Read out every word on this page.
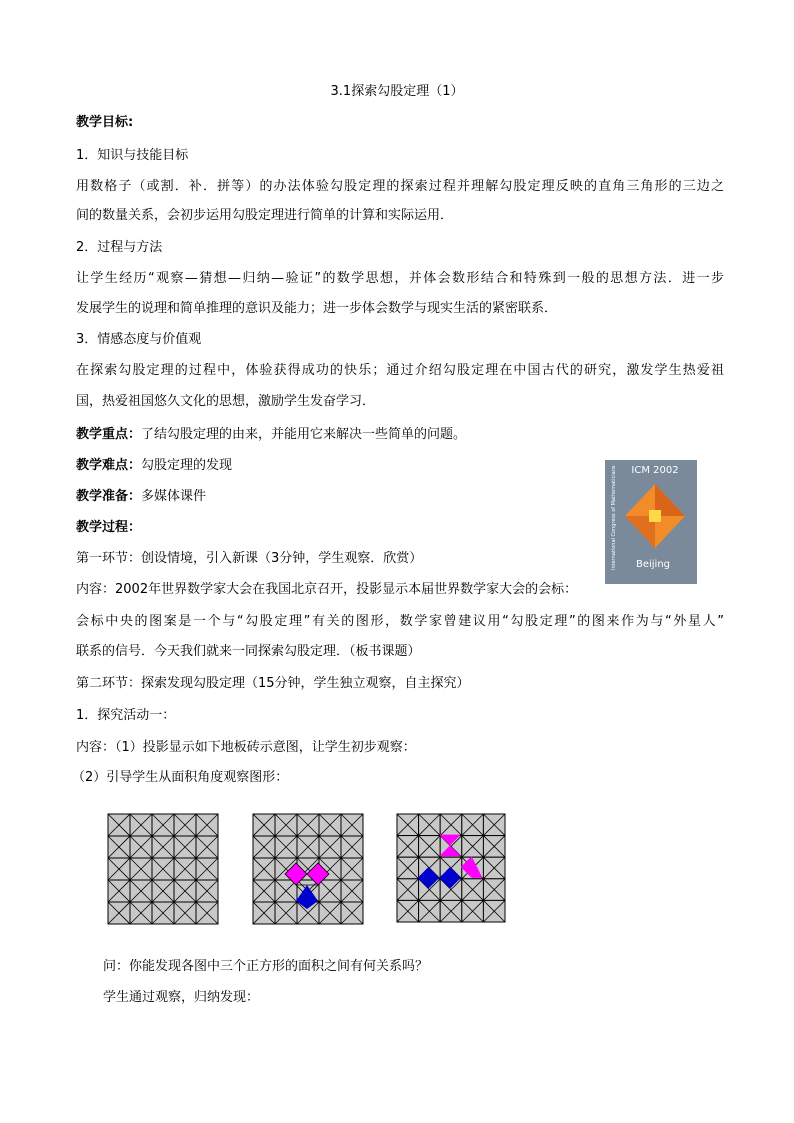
3.1探索勾股定理（1）
教学目标:
1．知识与技能目标
用数格子（或割．补．拼等）的办法体验勾股定理的探索过程并理解勾股定理反映的直角三角形的三边之
间的数量关系，会初步运用勾股定理进行简单的计算和实际运用．
2．过程与方法
让学生经历“观察—猜想—归纳—验证”的数学思想，并体会数形结合和特殊到一般的思想方法．进一步
发展学生的说理和简单推理的意识及能力；进一步体会数学与现实生活的紧密联系．
3．情感态度与价值观
在探索勾股定理的过程中，体验获得成功的快乐；通过介绍勾股定理在中国古代的研究，激发学生热爱祖
国，热爱祖国悠久文化的思想，激励学生发奋学习．
教学重点：了结勾股定理的由来，并能用它来解决一些简单的问题。
教学难点：勾股定理的发现
教学准备：多媒体课件
教学过程：
第一环节：创设情境，引入新课（3分钟，学生观察．欣赏）
内容：2002年世界数学家大会在我国北京召开，投影显示本届世界数学家大会的会标：
会标中央的图案是一个与“勾股定理”有关的图形，数学家曾建议用“勾股定理”的图来作为与“外星人”
联系的信号．今天我们就来一同探索勾股定理．（板书课题）
第二环节：探索发现勾股定理（15分钟，学生独立观察，自主探究）
1．探究活动一：
内容：（1）投影显示如下地板砖示意图，让学生初步观察：
（2）引导学生从面积角度观察图形：
ICM 2002
International Congress of Mathematicians Beijing
问：你能发现各图中三个正方形的面积之间有何关系吗？
学生通过观察，归纳发现：
